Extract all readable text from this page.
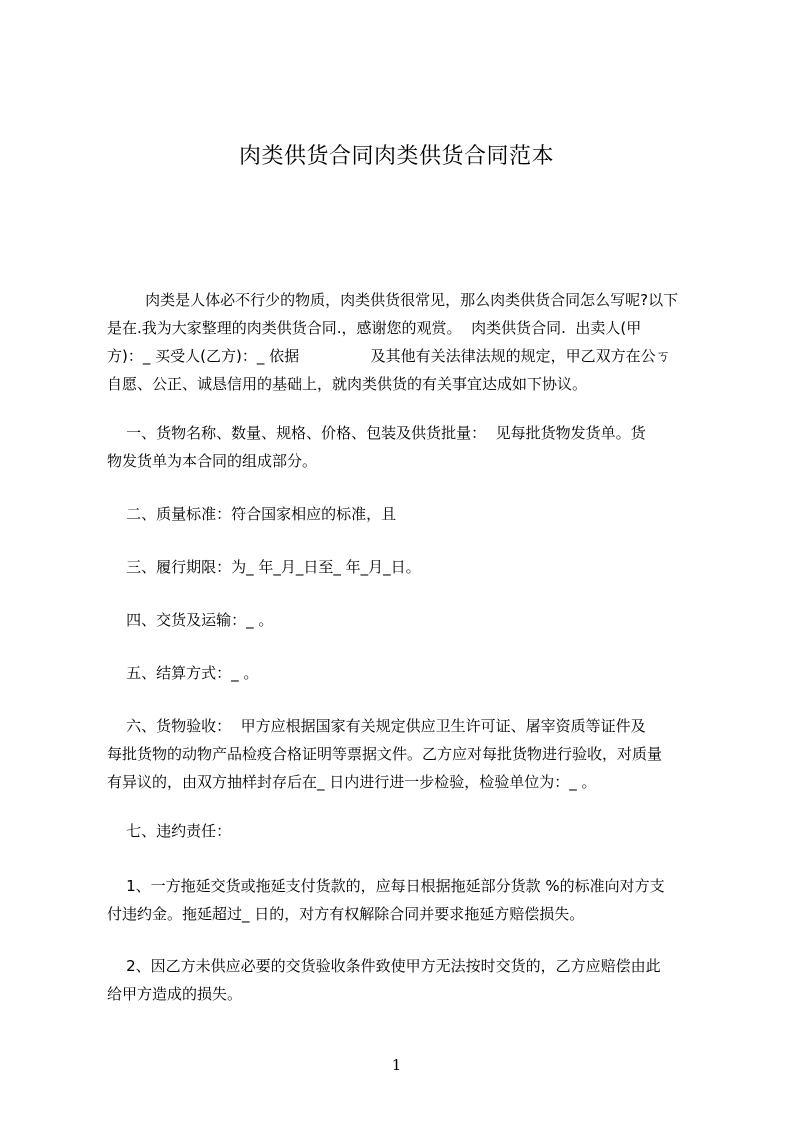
肉类供货合同肉类供货合同范本
肉类是人体必不行少的物质，肉类供货很常见，那么肉类供货合同怎么写呢?以下
是在.我为大家整理的肉类供货合同.，感谢您的观赏。  肉类供货合同.  出卖人(甲
方)：_ 买受人(乙方)：_ 依据               及其他有关法律法规的规定，甲乙双方在公ㄎ
自愿、公正、诚恳信用的基础上，就肉类供货的有关事宜达成如下协议。
一、货物名称、数量、规格、价格、包装及供货批量：  见每批货物发货单。货
物发货单为本合同的组成部分。
二、质量标准：符合国家相应的标准，且
三、履行期限：为_ 年_月_日至_ 年_月_日。
四、交货及运输：_ 。
五、结算方式：_ 。
六、货物验收：  甲方应根据国家有关规定供应卫生许可证、屠宰资质等证件及
每批货物的动物产品检疫合格证明等票据文件。乙方应对每批货物进行验收，对质量
有异议的，由双方抽样封存后在_ 日内进行进一步检验，检验单位为：_ 。
七、违约责任：
1、一方拖延交货或拖延支付货款的，应每日根据拖延部分货款 %的标准向对方支
付违约金。拖延超过_ 日的，对方有权解除合同并要求拖延方赔偿损失。
2、因乙方未供应必要的交货验收条件致使甲方无法按时交货的，乙方应赔偿由此
给甲方造成的损失。
1
